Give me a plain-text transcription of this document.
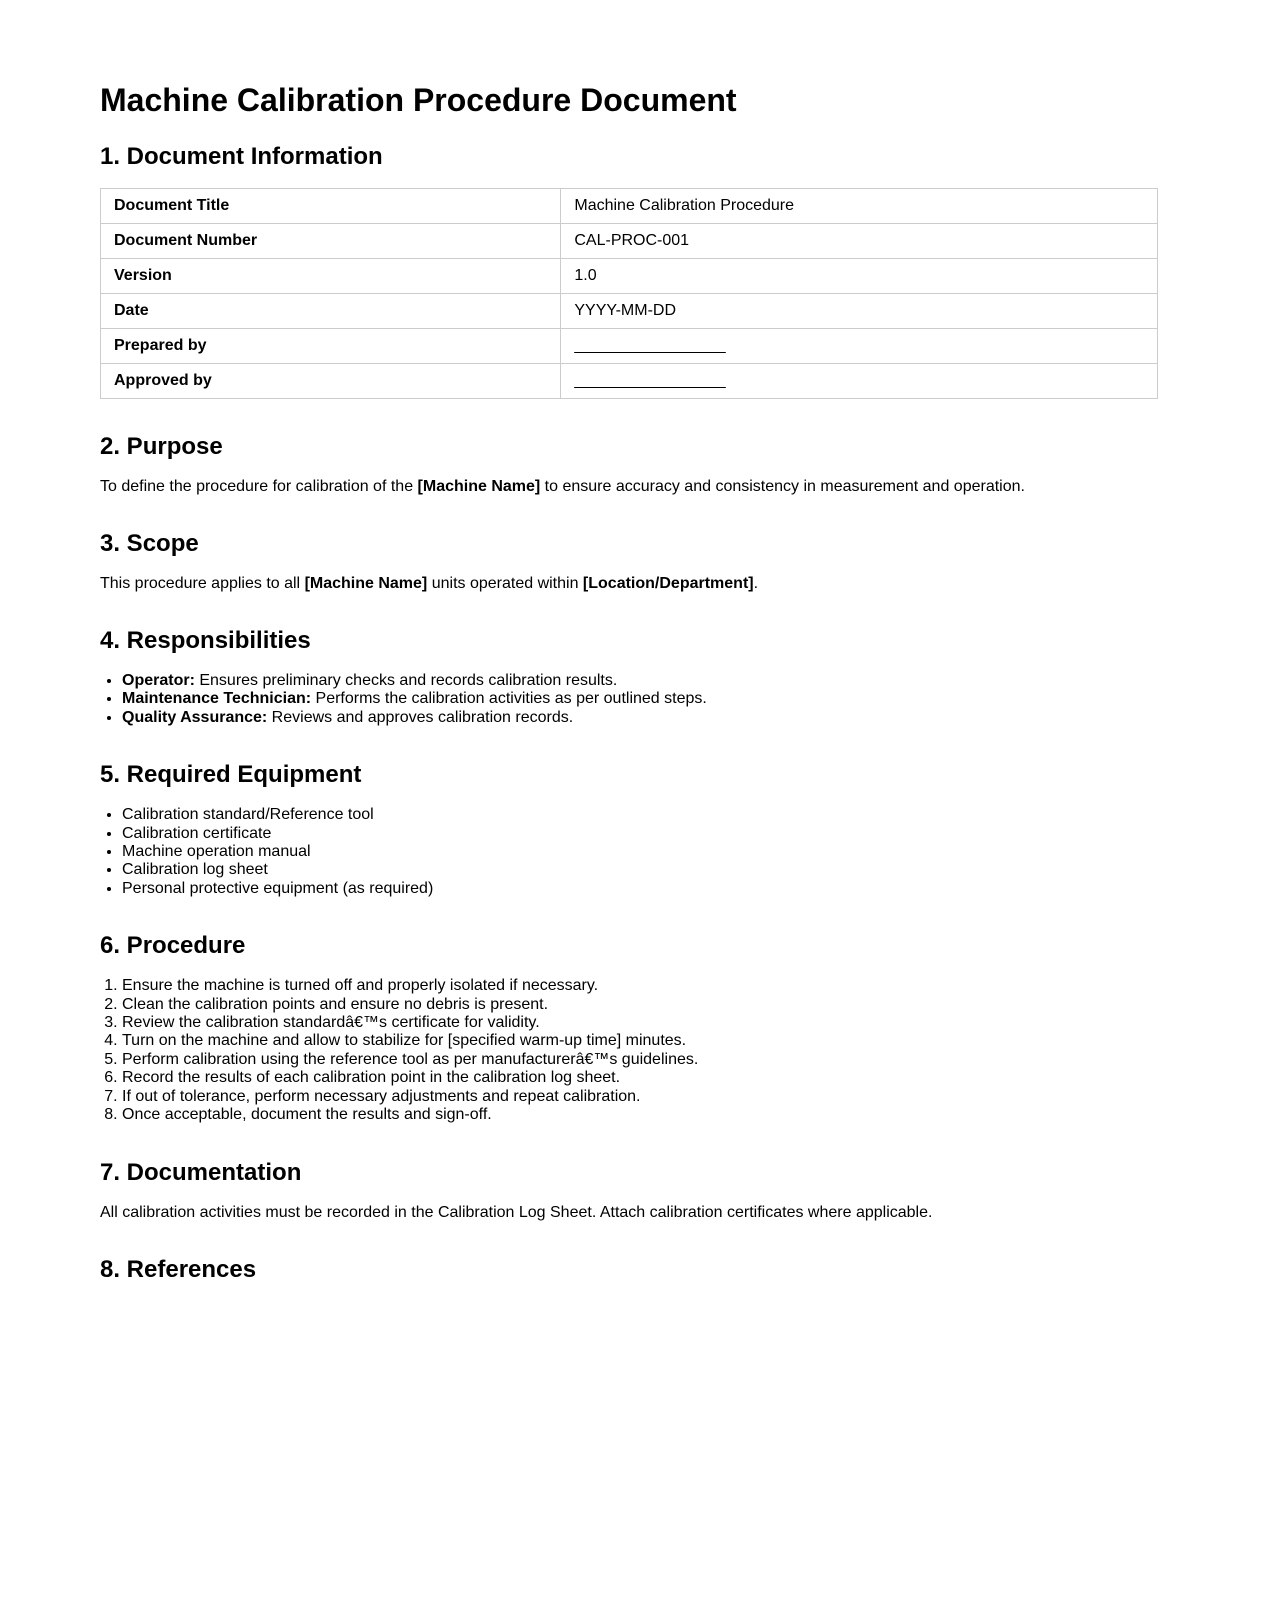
Machine Calibration Procedure Document
1. Document Information
Document Title	Machine Calibration Procedure
Document Number	CAL-PROC-001
Version	1.0
Date	YYYY-MM-DD
Prepared by	_________________
Approved by	_________________
2. Purpose

To define the procedure for calibration of the [Machine Name] to ensure accuracy and consistency in measurement and operation.

3. Scope

This procedure applies to all [Machine Name] units operated within [Location/Department].

4. Responsibilities
• Operator: Ensures preliminary checks and records calibration results.
• Maintenance Technician: Performs the calibration activities as per outlined steps.
• Quality Assurance: Reviews and approves calibration records.
5. Required Equipment
• Calibration standard/Reference tool
• Calibration certificate
• Machine operation manual
• Calibration log sheet
• Personal protective equipment (as required)
6. Procedure
1. Ensure the machine is turned off and properly isolated if necessary.
2. Clean the calibration points and ensure no debris is present.
3. Review the calibration standardâ€™s certificate for validity.
4. Turn on the machine and allow to stabilize for [specified warm-up time] minutes.
5. Perform calibration using the reference tool as per manufacturerâ€™s guidelines.
6. Record the results of each calibration point in the calibration log sheet.
7. If out of tolerance, perform necessary adjustments and repeat calibration.
8. Once acceptable, document the results and sign-off.
7. Documentation

All calibration activities must be recorded in the Calibration Log Sheet. Attach calibration certificates where applicable.

8. References
